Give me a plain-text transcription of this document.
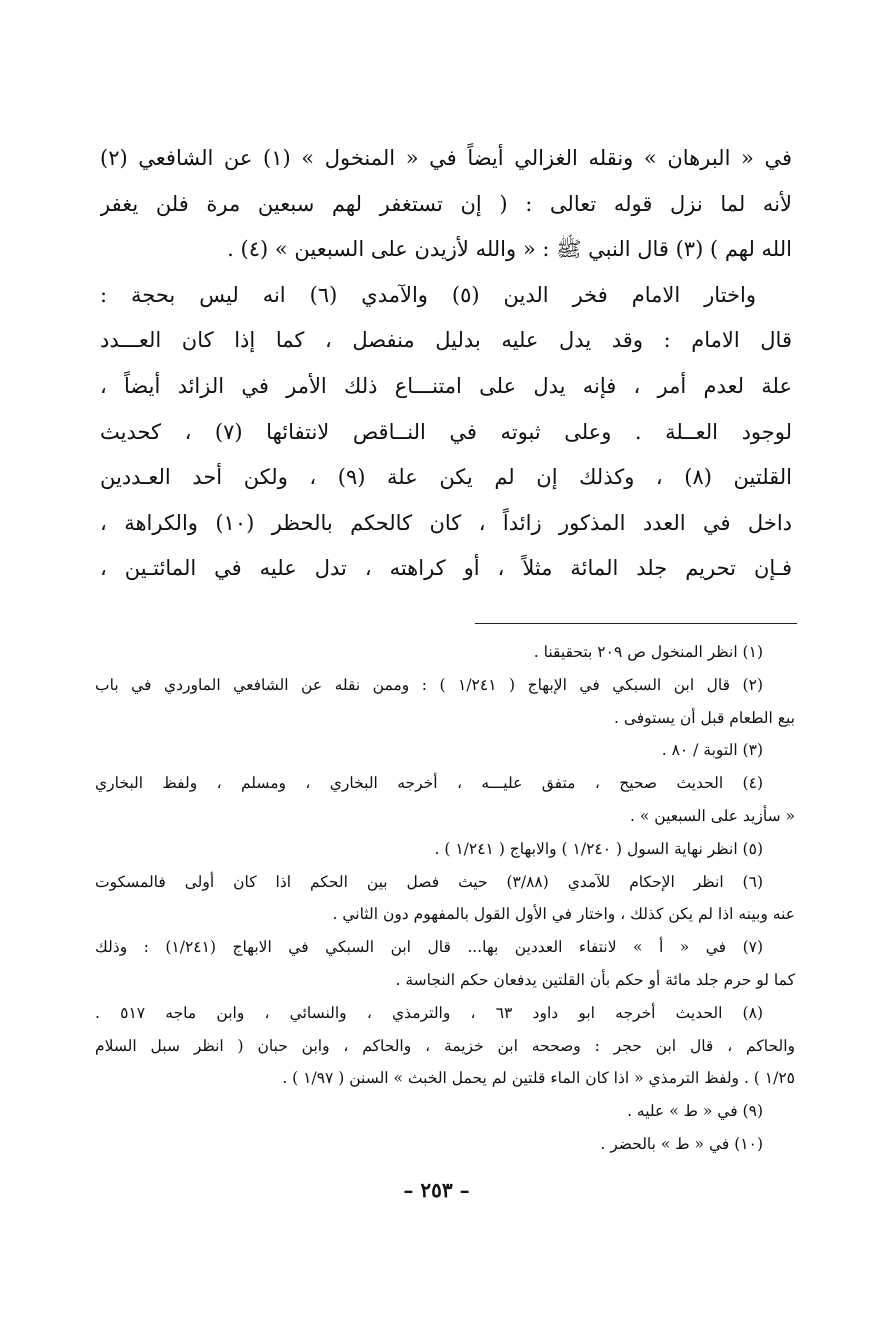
في « البرهان » ونقله الغزالي أيضاً في « المنخول » (١) عن الشافعي (٢)
لأنه لما نزل قوله تعالى : ( إن تستغفر لهم سبعين مرة فلن يغفر
الله لهم ) (٣) قال النبي ﷺ : « والله لأزيدن على السبعين » (٤) .
واختار الامام فخر الدين (٥) والآمدي (٦) انه ليس بحجة :
قال الامام : وقد يدل عليه بدليل منفصل ، كما إذا كان العـــدد
علة لعدم أمر ، فإنه يدل على امتنـــاع ذلك الأمر في الزائد أيضاً ،
لوجود العــلة . وعلى ثبوته في النــاقص لانتفائها (٧) ، كحديث
القلتين (٨) ، وكذلك إن لم يكن علة (٩) ، ولكن أحد العـددين
داخل في العدد المذكور زائداً ، كان كالحكم بالحظر (١٠) والكراهة ،
فـإن تحريم جلد المائة مثلاً ، أو كراهته ، تدل عليه في المائتـين ،
(١) انظر المنخول ص ٢٠٩ بتحقيقنا .
(٢) قال ابن السبكي في الإبهاج ( ١/٢٤١ ) : وممن نقله عن الشافعي الماوردي في باب
بيع الطعام قبل أن يستوفى .
(٣) التوبة / ٨٠ .
(٤) الحديث صحيح ، متفق عليـــه ، أخرجه البخاري ، ومسلم ، ولفظ البخاري
« سأزيد على السبعين » .
(٥) انظر نهاية السول ( ١/٢٤٠ ) والابهاج ( ١/٢٤١ ) .
(٦) انظر الإحكام للآمدي (٣/٨٨) حيث فصل بين الحكم اذا كان أولى فالمسكوت
عنه وبينه اذا لم يكن كذلك ، واختار في الأول القول بالمفهوم دون الثاني .
(٧) في « أ » لانتفاء العددين بها... قال ابن السبكي في الابهاج (١/٢٤١) : وذلك
كما لو حرم جلد مائة أو حكم بأن القلتين يدفعان حكم النجاسة .
(٨) الحديث أخرجه ابو داود ٦٣ ، والترمذي ، والنسائي ، وابن ماجه ٥١٧ .
والحاكم ، قال ابن حجر : وصححه ابن خزيمة ، والحاكم ، وابن حبان ( انظر سبل السلام
١/٢٥ ) . ولفظ الترمذي « اذا كان الماء قلتين لم يحمل الخبث » السنن ( ١/٩٧ ) .
(٩) في « ط » عليه .
(١٠) في « ط » بالحضر .
– ٢٥٣ –
